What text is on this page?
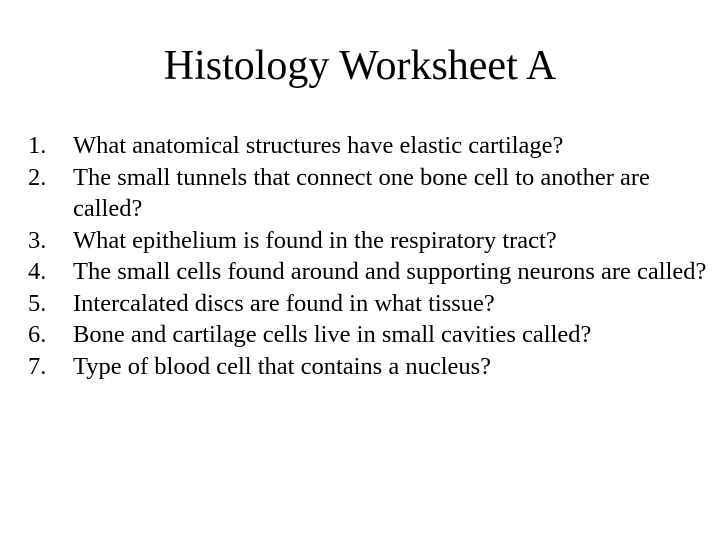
Histology Worksheet A
1.	What anatomical structures have elastic cartilage?
2.	The small tunnels that connect one bone cell to another are called?
3.	What epithelium is found in the respiratory tract?
4.	The small cells found around and supporting neurons are called?
5.	Intercalated discs are found in what tissue?
6.	Bone and cartilage cells live in small cavities called?
7.	Type of blood cell that contains a nucleus?
